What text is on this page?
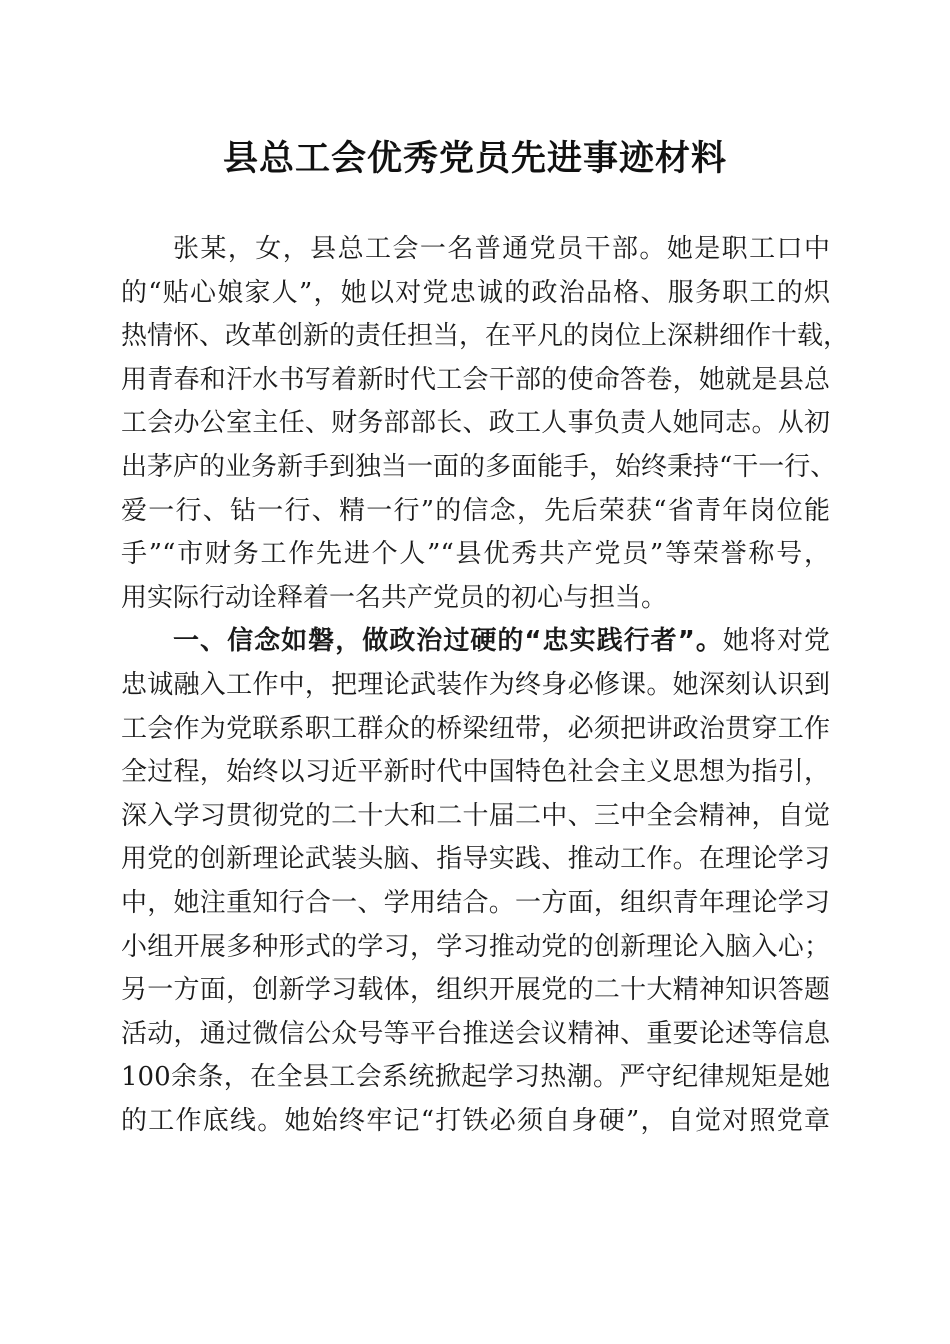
县总工会优秀党员先进事迹材料
张某，女，县总工会一名普通党员干部。她是职工口中
的“贴心娘家人”，她以对党忠诚的政治品格、服务职工的炽
热情怀、改革创新的责任担当，在平凡的岗位上深耕细作十载，
用青春和汗水书写着新时代工会干部的使命答卷，她就是县总
工会办公室主任、财务部部长、政工人事负责人她同志。从初
出茅庐的业务新手到独当一面的多面能手，始终秉持“干一行、
爱一行、钻一行、精一行”的信念，先后荣获“省青年岗位能
手”“市财务工作先进个人”“县优秀共产党员”等荣誉称号，
用实际行动诠释着一名共产党员的初心与担当。
一、信念如磐，做政治过硬的“忠实践行者”。她将对党
忠诚融入工作中，把理论武装作为终身必修课。她深刻认识到
工会作为党联系职工群众的桥梁纽带，必须把讲政治贯穿工作
全过程，始终以习近平新时代中国特色社会主义思想为指引，
深入学习贯彻党的二十大和二十届二中、三中全会精神，自觉
用党的创新理论武装头脑、指导实践、推动工作。在理论学习
中，她注重知行合一、学用结合。一方面，组织青年理论学习
小组开展多种形式的学习，学习推动党的创新理论入脑入心；
另一方面，创新学习载体，组织开展党的二十大精神知识答题
活动，通过微信公众号等平台推送会议精神、重要论述等信息
100余条，在全县工会系统掀起学习热潮。严守纪律规矩是她
的工作底线。她始终牢记“打铁必须自身硬”，自觉对照党章
